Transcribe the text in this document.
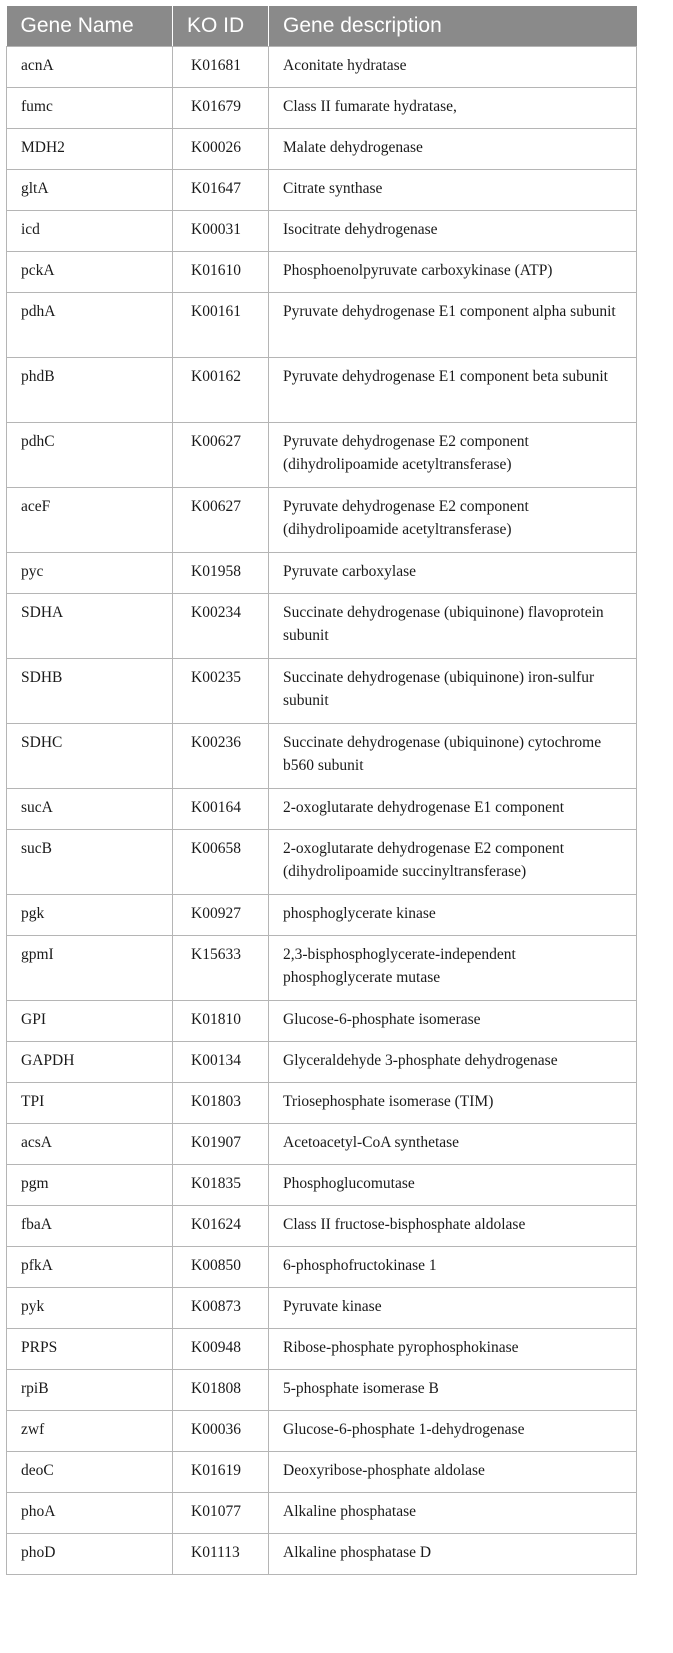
Gene Name	KO ID	Gene description
acnA	K01681	Aconitate hydratase
fumc	K01679	Class II fumarate hydratase,
MDH2	K00026	Malate dehydrogenase
gltA	K01647	Citrate synthase
icd	K00031	Isocitrate dehydrogenase
pckA	K01610	Phosphoenolpyruvate carboxykinase (ATP)
pdhA	K00161	Pyruvate dehydrogenase E1 component alpha subunit
phdB	K00162	Pyruvate dehydrogenase E1 component beta subunit
pdhC	K00627	Pyruvate dehydrogenase E2 component (dihydrolipoamide acetyltransferase)
aceF	K00627	Pyruvate dehydrogenase E2 component (dihydrolipoamide acetyltransferase)
pyc	K01958	Pyruvate carboxylase
SDHA	K00234	Succinate dehydrogenase (ubiquinone) flavoprotein subunit
SDHB	K00235	Succinate dehydrogenase (ubiquinone) iron-sulfur subunit
SDHC	K00236	Succinate dehydrogenase (ubiquinone) cytochrome b560 subunit
sucA	K00164	2-oxoglutarate dehydrogenase E1 component
sucB	K00658	2-oxoglutarate dehydrogenase E2 component (dihydrolipoamide succinyltransferase)
pgk	K00927	phosphoglycerate kinase
gpmI	K15633	2,3-bisphosphoglycerate-independent phosphoglycerate mutase
GPI	K01810	Glucose-6-phosphate isomerase
GAPDH	K00134	Glyceraldehyde 3-phosphate dehydrogenase
TPI	K01803	Triosephosphate isomerase (TIM)
acsA	K01907	Acetoacetyl-CoA synthetase
pgm	K01835	Phosphoglucomutase
fbaA	K01624	Class II fructose-bisphosphate aldolase
pfkA	K00850	6-phosphofructokinase 1
pyk	K00873	Pyruvate kinase
PRPS	K00948	Ribose-phosphate pyrophosphokinase
rpiB	K01808	5-phosphate isomerase B
zwf	K00036	Glucose-6-phosphate 1-dehydrogenase
deoC	K01619	Deoxyribose-phosphate aldolase
phoA	K01077	Alkaline phosphatase
phoD	K01113	Alkaline phosphatase D
